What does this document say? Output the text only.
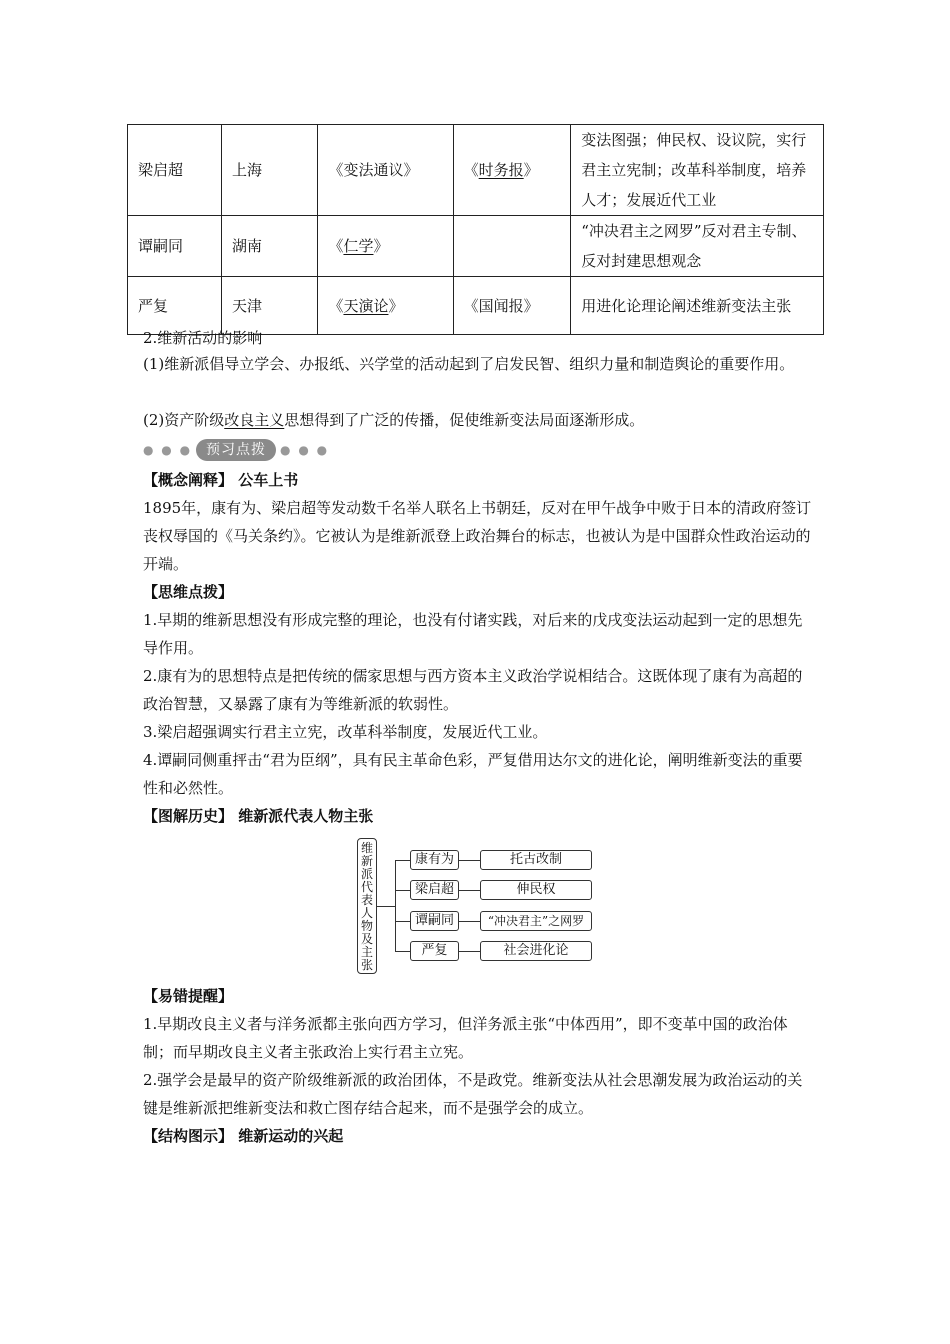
梁启超	上海	《变法通议》	《时务报》	变法图强；伸民权、设议院，实行君主立宪制；改革科举制度，培养人才；发展近代工业
谭嗣同	湖南	《仁学》		“冲决君主之网罗”反对君主专制、反对封建思想观念
严复	天津	《天演论》	《国闻报》	用进化论理论阐述维新变法主张
2.维新活动的影响
(1)维新派倡导立学会、办报纸、兴学堂的活动起到了启发民智、组织力量和制造舆论的重要作用。
(2)资产阶级改良主义思想得到了广泛的传播，促使维新变法局面逐渐形成。
● ● ●	预习点拨	● ● ●
【概念阐释】 公车上书
1895年，康有为、梁启超等发动数千名举人联名上书朝廷，反对在甲午战争中败于日本的清政府签订丧权辱国的《马关条约》。它被认为是维新派登上政治舞台的标志，也被认为是中国群众性政治运动的开端。
【思维点拨】
1.早期的维新思想没有形成完整的理论，也没有付诸实践，对后来的戊戌变法运动起到一定的思想先导作用。
2.康有为的思想特点是把传统的儒家思想与西方资本主义政治学说相结合。这既体现了康有为高超的政治智慧，又暴露了康有为等维新派的软弱性。
3.梁启超强调实行君主立宪，改革科举制度，发展近代工业。
4.谭嗣同侧重抨击“君为臣纲”，具有民主革命色彩，严复借用达尔文的进化论，阐明维新变法的重要性和必然性。
【图解历史】 维新派代表人物主张
维
新
派
代
表
人
物
及
主
张
康有为	托古改制
梁启超	伸民权
谭嗣同	“冲决君主”之网罗
严复	社会进化论
【易错提醒】
1.早期改良主义者与洋务派都主张向西方学习，但洋务派主张“中体西用”，即不变革中国的政治体制；而早期改良主义者主张政治上实行君主立宪。
2.强学会是最早的资产阶级维新派的政治团体，不是政党。维新变法从社会思潮发展为政治运动的关键是维新派把维新变法和救亡图存结合起来，而不是强学会的成立。
【结构图示】 维新运动的兴起
